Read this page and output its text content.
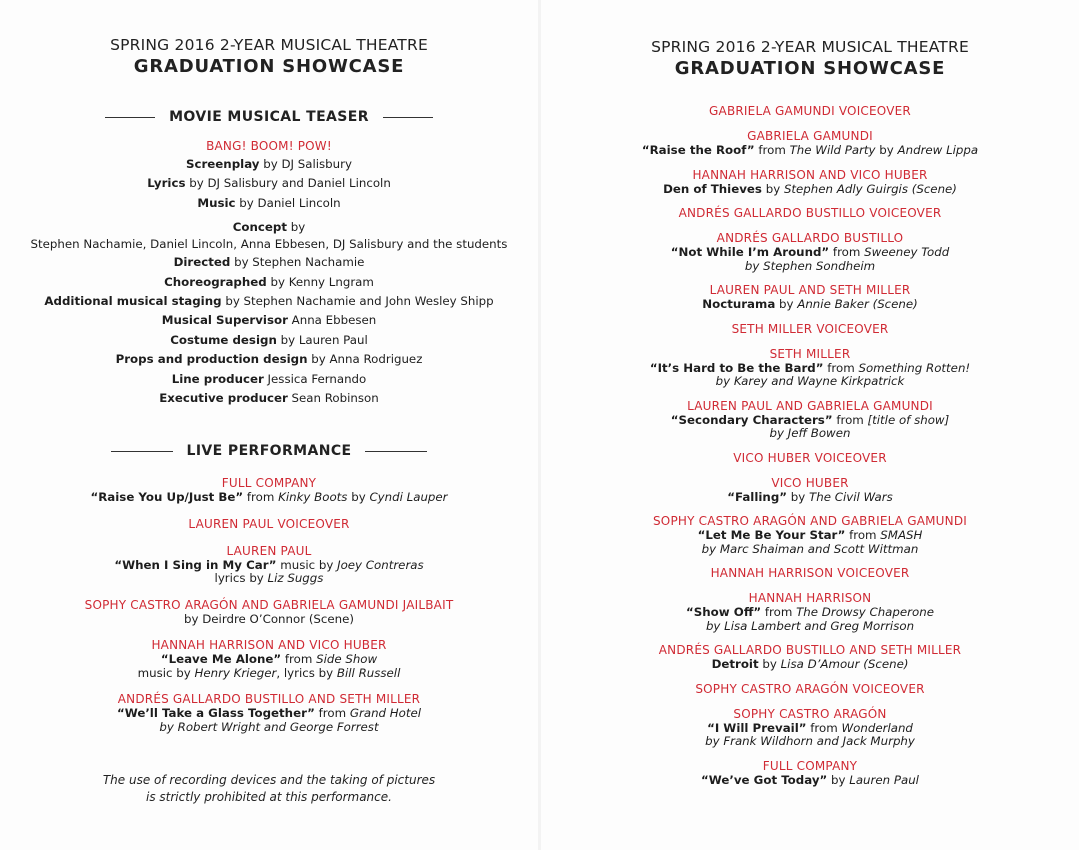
SPRING 2016 2-YEAR MUSICAL THEATRE
GRADUATION SHOWCASE
MOVIE MUSICAL TEASER
BANG! BOOM! POW!
Screenplay by DJ Salisbury
Lyrics by DJ Salisbury and Daniel Lincoln
Music by Daniel Lincoln
Concept by
Stephen Nachamie, Daniel Lincoln, Anna Ebbesen, DJ Salisbury and the students
Directed by Stephen Nachamie
Choreographed by Kenny Lngram
Additional musical staging by Stephen Nachamie and John Wesley Shipp
Musical Supervisor Anna Ebbesen
Costume design by Lauren Paul
Props and production design by Anna Rodriguez
Line producer Jessica Fernando
Executive producer Sean Robinson
LIVE PERFORMANCE
FULL COMPANY
“Raise You Up/Just Be” from Kinky Boots by Cyndi Lauper
LAUREN PAUL VOICEOVER
LAUREN PAUL
“When I Sing in My Car” music by Joey Contreras
lyrics by Liz Suggs
SOPHY CASTRO ARAGÓN AND GABRIELA GAMUNDI JAILBAIT
by Deirdre O’Connor (Scene)
HANNAH HARRISON AND VICO HUBER
“Leave Me Alone” from Side Show
music by Henry Krieger, lyrics by Bill Russell
ANDRÉS GALLARDO BUSTILLO AND SETH MILLER
“We’ll Take a Glass Together” from Grand Hotel
by Robert Wright and George Forrest
The use of recording devices and the taking of pictures
is strictly prohibited at this performance.
SPRING 2016 2-YEAR MUSICAL THEATRE
GRADUATION SHOWCASE
GABRIELA GAMUNDI VOICEOVER
GABRIELA GAMUNDI
“Raise the Roof” from The Wild Party by Andrew Lippa
HANNAH HARRISON AND VICO HUBER
Den of Thieves by Stephen Adly Guirgis (Scene)
ANDRÉS GALLARDO BUSTILLO VOICEOVER
ANDRÉS GALLARDO BUSTILLO
“Not While I’m Around” from Sweeney Todd
by Stephen Sondheim
LAUREN PAUL AND SETH MILLER
Nocturama by Annie Baker (Scene)
SETH MILLER VOICEOVER
SETH MILLER
“It’s Hard to Be the Bard” from Something Rotten!
by Karey and Wayne Kirkpatrick
LAUREN PAUL AND GABRIELA GAMUNDI
“Secondary Characters” from [title of show]
by Jeff Bowen
VICO HUBER VOICEOVER
VICO HUBER
“Falling” by The Civil Wars
SOPHY CASTRO ARAGÓN AND GABRIELA GAMUNDI
“Let Me Be Your Star” from SMASH
by Marc Shaiman and Scott Wittman
HANNAH HARRISON VOICEOVER
HANNAH HARRISON
“Show Off” from The Drowsy Chaperone
by Lisa Lambert and Greg Morrison
ANDRÉS GALLARDO BUSTILLO AND SETH MILLER
Detroit by Lisa D’Amour (Scene)
SOPHY CASTRO ARAGÓN VOICEOVER
SOPHY CASTRO ARAGÓN
“I Will Prevail” from Wonderland
by Frank Wildhorn and Jack Murphy
FULL COMPANY
“We’ve Got Today” by Lauren Paul
